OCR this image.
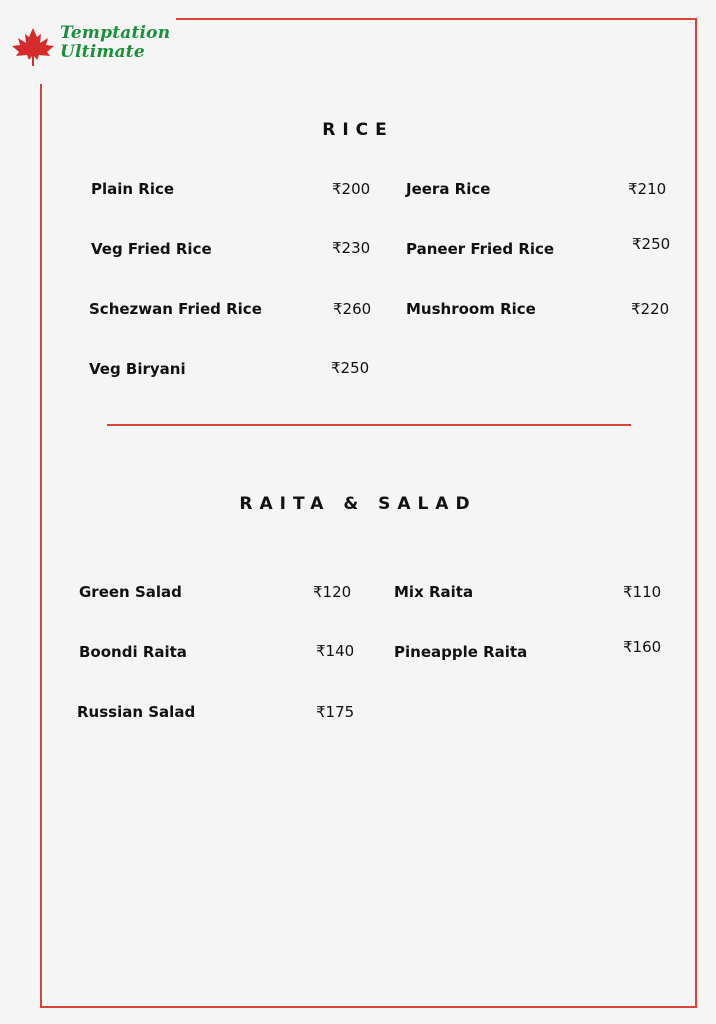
Temptation
Ultimate
RICE
Plain Rice	₹200 Jeera Rice	₹210
Veg Fried Rice	₹230 Paneer Fried Rice	₹250
Schezwan Fried Rice	₹260 Mushroom Rice	₹220
Veg Biryani	₹250
RAITA & SALAD
Green Salad	₹120	Mix Raita	₹110
Boondi Raita	₹140	Pineapple Raita	₹160
Russian Salad	₹175
